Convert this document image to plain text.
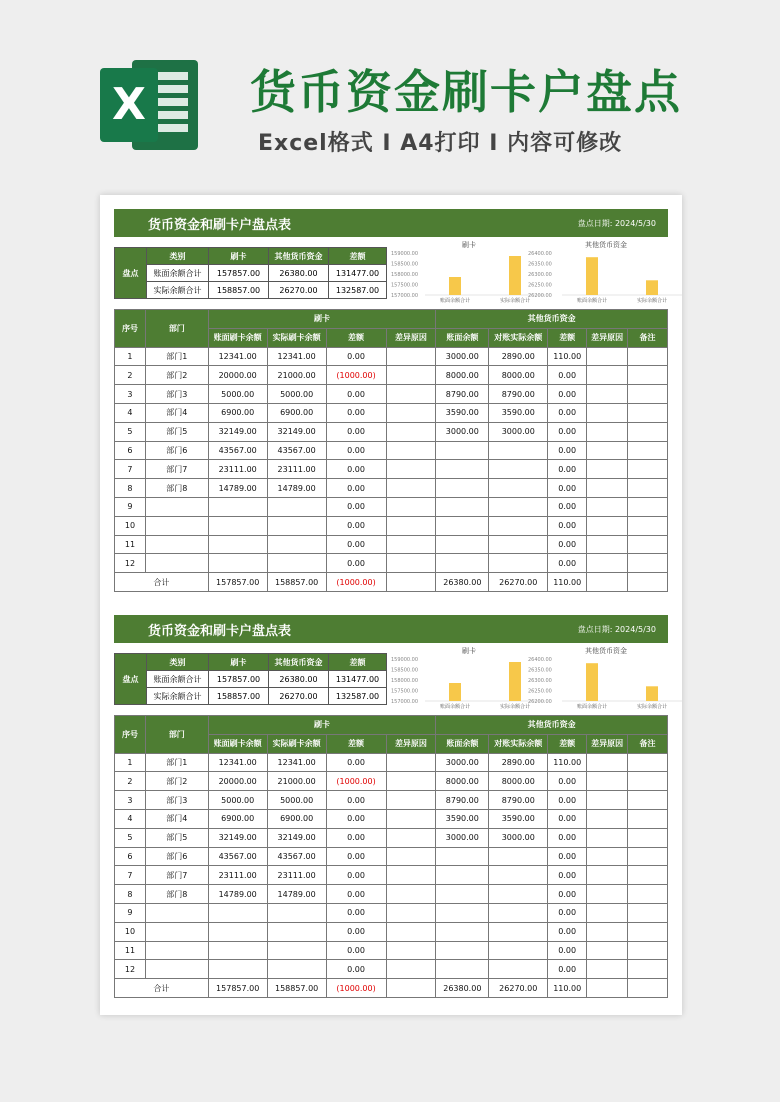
X 货币资金刷卡户盘点
Excel格式 I A4打印 I 内容可修改
货币资金和刷卡户盘点表	盘点日期: 2024/5/30
盘点	类别	刷卡	其他货币资金	差额
	账面余额合计	157857.00	26380.00	131477.00
	实际余额合计	158857.00	26270.00	132587.00
刷卡
159000.00
158500.00
158000.00
157500.00
157000.00
账面余额合计	实际余额合计
其他货币资金
26400.00
26350.00
26300.00
26250.00
26200.00
账面余额合计	实际余额合计
序号	部门	刷卡				其他货币资金				
		账面刷卡余额	实际刷卡余额	差额	差异原因	账面余额	对账实际余额	差额	差异原因	备注
1	部门1	12341.00	12341.00	0.00		3000.00	2890.00	110.00		
2	部门2	20000.00	21000.00	(1000.00)		8000.00	8000.00	0.00		
3	部门3	5000.00	5000.00	0.00		8790.00	8790.00	0.00		
4	部门4	6900.00	6900.00	0.00		3590.00	3590.00	0.00		
5	部门5	32149.00	32149.00	0.00		3000.00	3000.00	0.00		
6	部门6	43567.00	43567.00	0.00				0.00		
7	部门7	23111.00	23111.00	0.00				0.00		
8	部门8	14789.00	14789.00	0.00				0.00		
9				0.00				0.00		
10				0.00				0.00		
11				0.00				0.00		
12				0.00				0.00		
合计		157857.00	158857.00	(1000.00)		26380.00	26270.00	110.00		
货币资金和刷卡户盘点表	盘点日期: 2024/5/30
盘点	类别	刷卡	其他货币资金	差额
	账面余额合计	157857.00	26380.00	131477.00
	实际余额合计	158857.00	26270.00	132587.00
刷卡
159000.00
158500.00
158000.00
157500.00
157000.00
账面余额合计	实际余额合计
其他货币资金
26400.00
26350.00
26300.00
26250.00
26200.00
账面余额合计	实际余额合计
序号	部门	刷卡				其他货币资金				
		账面刷卡余额	实际刷卡余额	差额	差异原因	账面余额	对账实际余额	差额	差异原因	备注
1	部门1	12341.00	12341.00	0.00		3000.00	2890.00	110.00		
2	部门2	20000.00	21000.00	(1000.00)		8000.00	8000.00	0.00		
3	部门3	5000.00	5000.00	0.00		8790.00	8790.00	0.00		
4	部门4	6900.00	6900.00	0.00		3590.00	3590.00	0.00		
5	部门5	32149.00	32149.00	0.00		3000.00	3000.00	0.00		
6	部门6	43567.00	43567.00	0.00				0.00		
7	部门7	23111.00	23111.00	0.00				0.00		
8	部门8	14789.00	14789.00	0.00				0.00		
9				0.00				0.00		
10				0.00				0.00		
11				0.00				0.00		
12				0.00				0.00		
合计		157857.00	158857.00	(1000.00)		26380.00	26270.00	110.00		
